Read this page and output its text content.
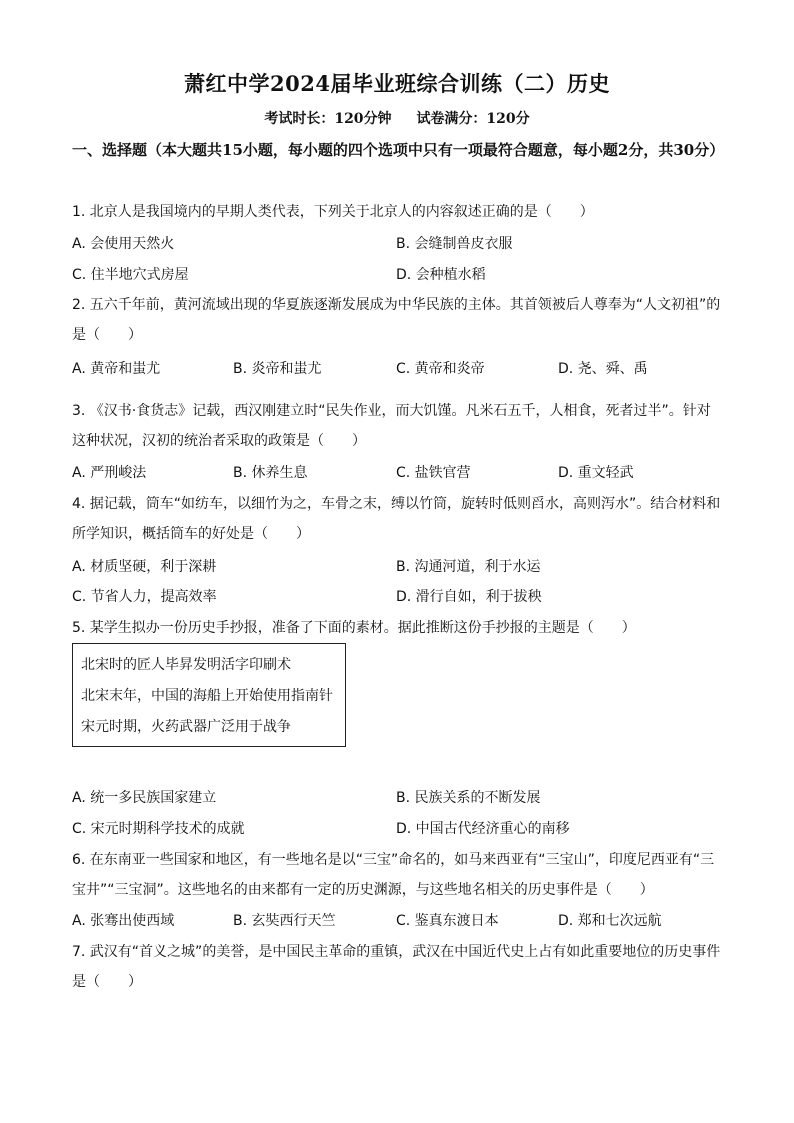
萧红中学2024届毕业班综合训练（二）历史
考试时长：120分钟 试卷满分：120分
一、选择题（本大题共15小题，每小题的四个选项中只有一项最符合题意，每小题2分，共30分）
1. 北京人是我国境内的早期人类代表，下列关于北京人的内容叙述正确的是（　　）
A. 会使用天然火	B. 会缝制兽皮衣服
C. 住半地穴式房屋	D. 会种植水稻
2. 五六千年前，黄河流域出现的华夏族逐渐发展成为中华民族的主体。其首领被后人尊奉为“人文初祖”的是（　　）
A. 黄帝和蚩尤	B. 炎帝和蚩尤	C. 黄帝和炎帝	D. 尧、舜、禹
3. 《汉书·食货志》记载，西汉刚建立时“民失作业，而大饥馑。凡米石五千，人相食，死者过半”。针对这种状况，汉初的统治者采取的政策是（　　）
A. 严刑峻法	B. 休养生息	C. 盐铁官营	D. 重文轻武
4. 据记载，筒车“如纺车，以细竹为之，车骨之末，缚以竹筒，旋转时低则舀水，高则泻水”。结合材料和所学知识，概括筒车的好处是（　　）
A. 材质坚硬，利于深耕	B. 沟通河道，利于水运
C. 节省人力，提高效率	D. 滑行自如，利于拔秧
5. 某学生拟办一份历史手抄报，准备了下面的素材。据此推断这份手抄报的主题是（　　）
北宋时的匠人毕昇发明活字印刷术
北宋末年，中国的海船上开始使用指南针
宋元时期，火药武器广泛用于战争
A. 统一多民族国家建立	B. 民族关系的不断发展
C. 宋元时期科学技术的成就	D. 中国古代经济重心的南移
6. 在东南亚一些国家和地区，有一些地名是以“三宝”命名的，如马来西亚有“三宝山”，印度尼西亚有“三宝井”“三宝洞”。这些地名的由来都有一定的历史渊源，与这些地名相关的历史事件是（　　）
A. 张骞出使西域	B. 玄奘西行天竺	C. 鉴真东渡日本	D. 郑和七次远航
7. 武汉有“首义之城”的美誉，是中国民主革命的重镇，武汉在中国近代史上占有如此重要地位的历史事件是（　　）
